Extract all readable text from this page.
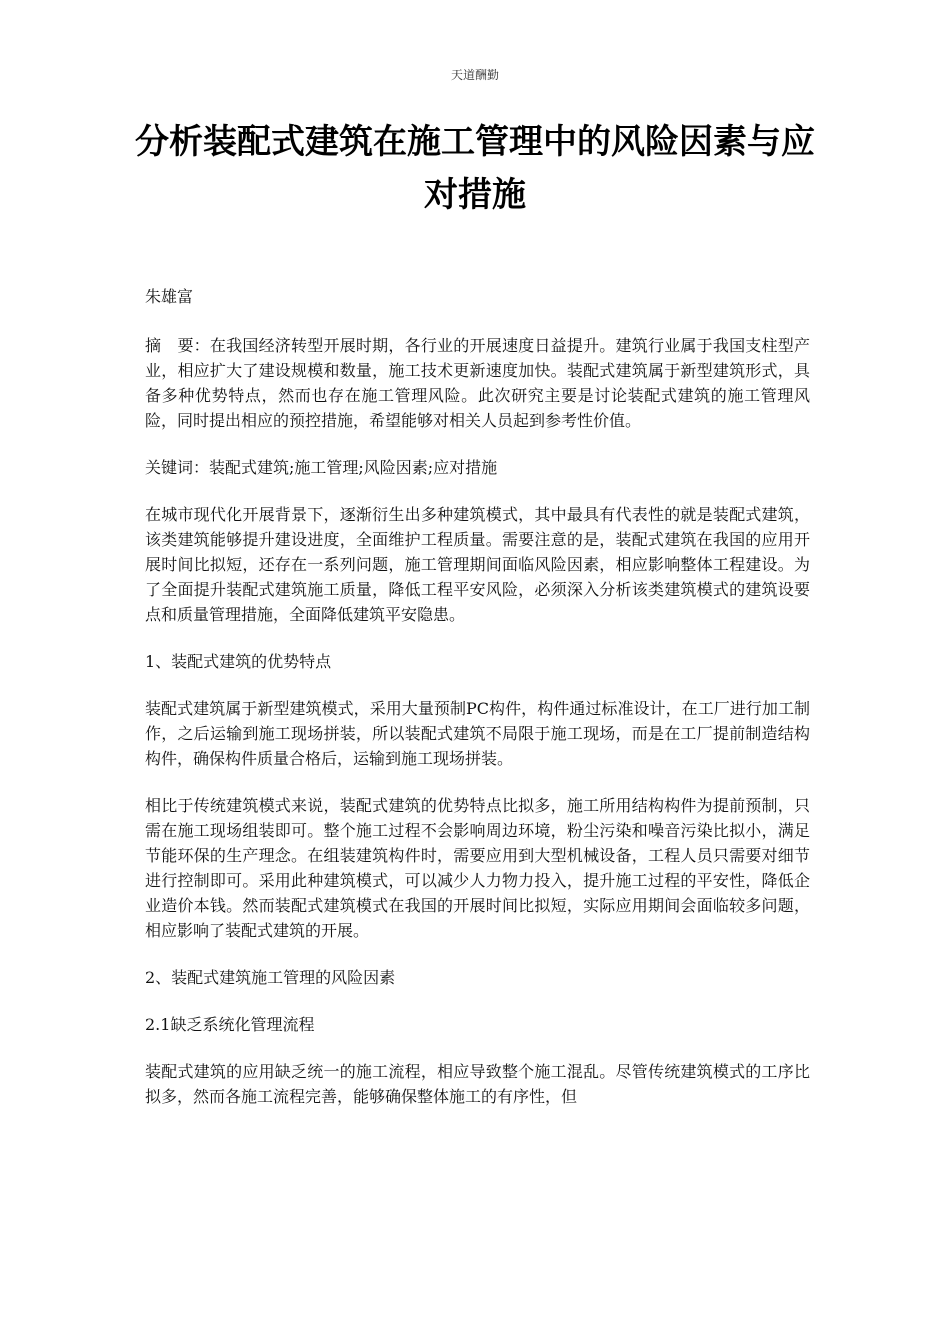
天道酬勤
分析装配式建筑在施工管理中的风险因素与应对措施

朱雄富

摘　要：在我国经济转型开展时期，各行业的开展速度日益提升。建筑行业属于我国支柱型产业，相应扩大了建设规模和数量，施工技术更新速度加快。装配式建筑属于新型建筑形式，具备多种优势特点，然而也存在施工管理风险。此次研究主要是讨论装配式建筑的施工管理风险，同时提出相应的预控措施，希望能够对相关人员起到参考性价值。

关键词：装配式建筑;施工管理;风险因素;应对措施

在城市现代化开展背景下，逐渐衍生出多种建筑模式，其中最具有代表性的就是装配式建筑，该类建筑能够提升建设进度，全面维护工程质量。需要注意的是，装配式建筑在我国的应用开展时间比拟短，还存在一系列问题，施工管理期间面临风险因素，相应影响整体工程建设。为了全面提升装配式建筑施工质量，降低工程平安风险，必须深入分析该类建筑模式的建筑设要点和质量管理措施，全面降低建筑平安隐患。

1、装配式建筑的优势特点

装配式建筑属于新型建筑模式，采用大量预制PC构件，构件通过标准设计，在工厂进行加工制作，之后运输到施工现场拼装，所以装配式建筑不局限于施工现场，而是在工厂提前制造结构构件，确保构件质量合格后，运输到施工现场拼装。

相比于传统建筑模式来说，装配式建筑的优势特点比拟多，施工所用结构构件为提前预制，只需在施工现场组装即可。整个施工过程不会影响周边环境，粉尘污染和噪音污染比拟小，满足节能环保的生产理念。在组装建筑构件时，需要应用到大型机械设备，工程人员只需要对细节进行控制即可。采用此种建筑模式，可以减少人力物力投入，提升施工过程的平安性，降低企业造价本钱。然而装配式建筑模式在我国的开展时间比拟短，实际应用期间会面临较多问题，相应影响了装配式建筑的开展。

2、装配式建筑施工管理的风险因素

2.1缺乏系统化管理流程

装配式建筑的应用缺乏统一的施工流程，相应导致整个施工混乱。尽管传统建筑模式的工序比拟多，然而各施工流程完善，能够确保整体施工的有序性，但
